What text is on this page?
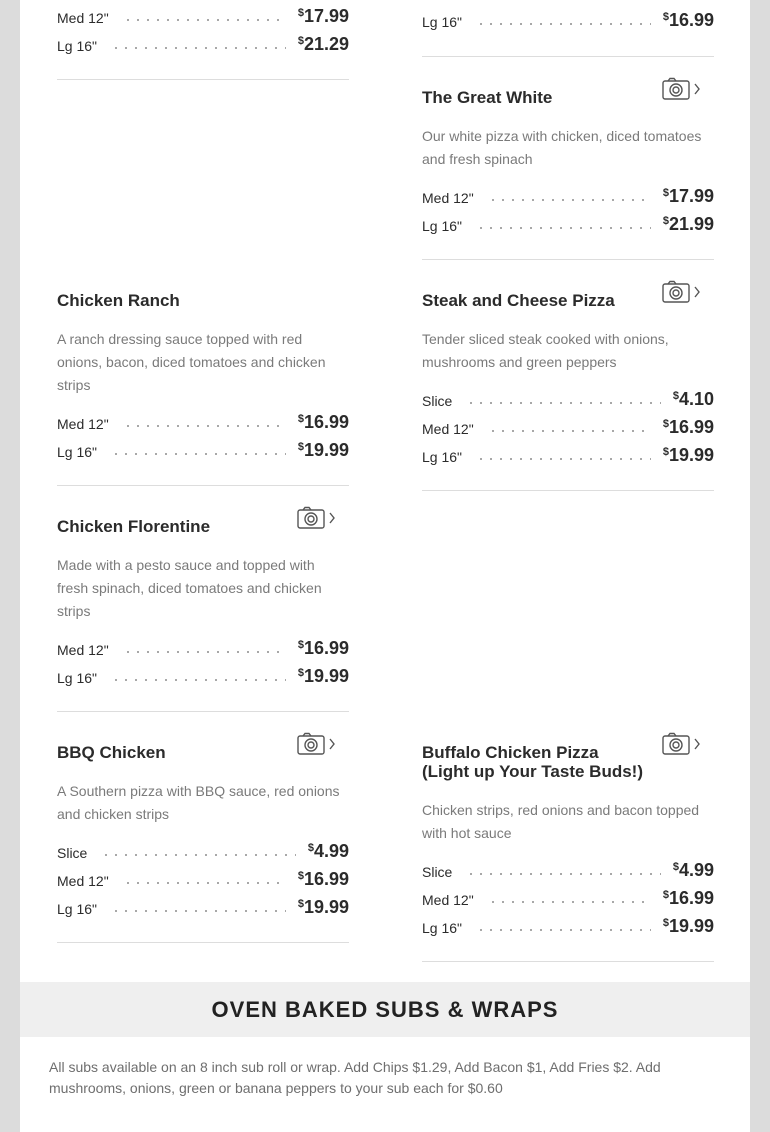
Med 12"	$17.99
Lg 16"	$21.29
Lg 16"	$16.99
The Great White
Our white pizza with chicken, diced tomatoes and fresh spinach
Med 12"	$17.99
Lg 16"	$21.99
Chicken Ranch
A ranch dressing sauce topped with red onions, bacon, diced tomatoes and chicken strips
Med 12"	$16.99
Lg 16"	$19.99
Steak and Cheese Pizza
Tender sliced steak cooked with onions, mushrooms and green peppers
Slice	$4.10
Med 12"	$16.99
Lg 16"	$19.99
Chicken Florentine
Made with a pesto sauce and topped with fresh spinach, diced tomatoes and chicken strips
Med 12"	$16.99
Lg 16"	$19.99
BBQ Chicken
A Southern pizza with BBQ sauce, red onions and chicken strips
Slice	$4.99
Med 12"	$16.99
Lg 16"	$19.99
Buffalo Chicken Pizza (Light up Your Taste Buds!)
Chicken strips, red onions and bacon topped with hot sauce
Slice	$4.99
Med 12"	$16.99
Lg 16"	$19.99
OVEN BAKED SUBS & WRAPS
All subs available on an 8 inch sub roll or wrap. Add Chips $1.29, Add Bacon $1, Add Fries $2. Add mushrooms, onions, green or banana peppers to your sub each for $0.60
